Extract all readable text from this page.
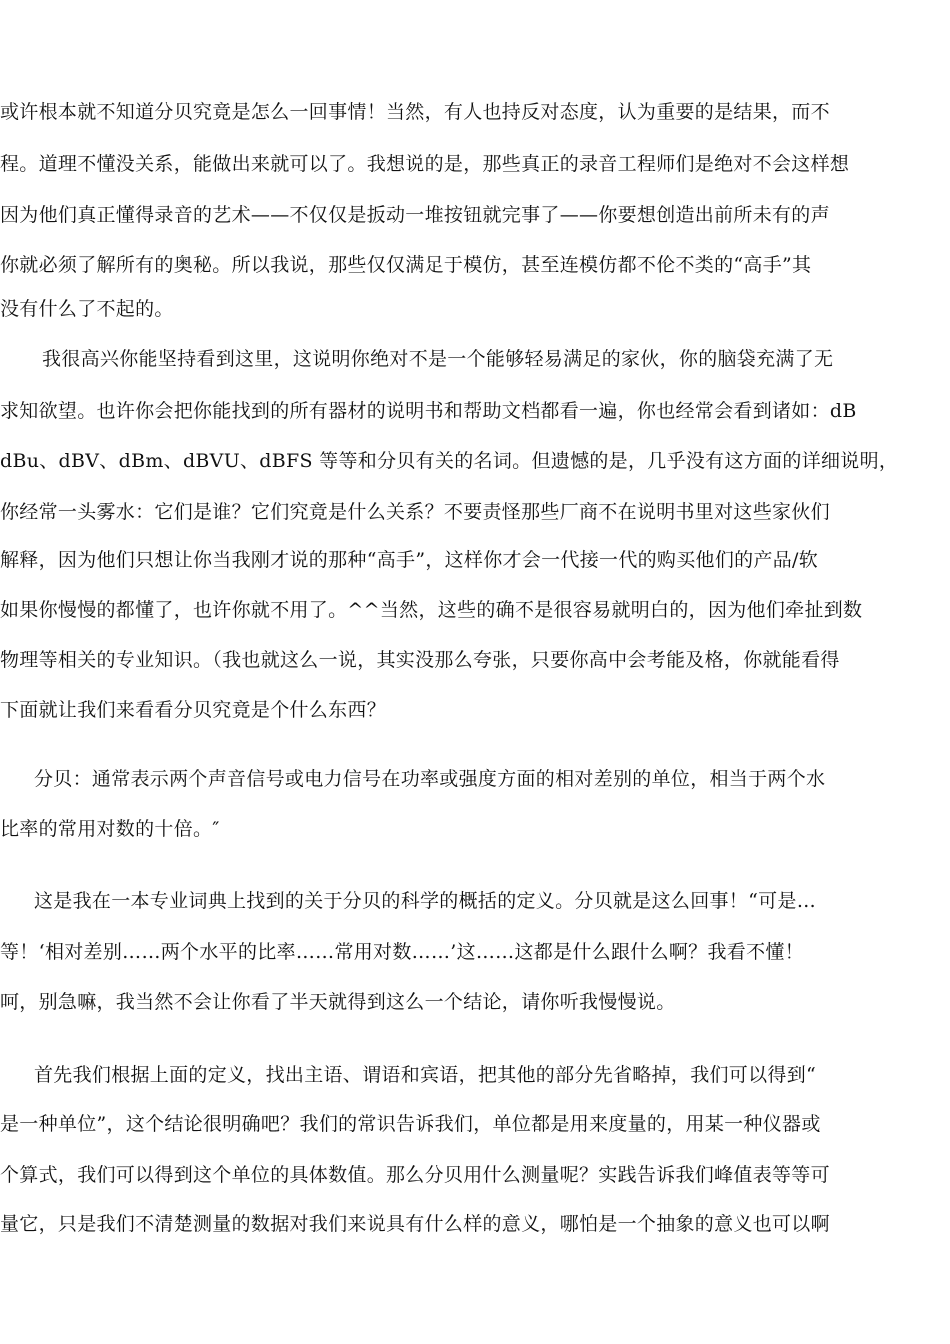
或许根本就不知道分贝究竟是怎么一回事情！当然，有人也持反对态度，认为重要的是结果，而不
程。道理不懂没关系，能做出来就可以了。我想说的是，那些真正的录音工程师们是绝对不会这样想
因为他们真正懂得录音的艺术——不仅仅是扳动一堆按钮就完事了——你要想创造出前所未有的声
你就必须了解所有的奥秘。所以我说，那些仅仅满足于模仿，甚至连模仿都不伦不类的“高手”其
没有什么了不起的。
我很高兴你能坚持看到这里，这说明你绝对不是一个能够轻易满足的家伙，你的脑袋充满了无
求知欲望。也许你会把你能找到的所有器材的说明书和帮助文档都看一遍，你也经常会看到诸如：dB
dBu、dBV、dBm、dBVU、dBFS 等等和分贝有关的名词。但遗憾的是，几乎没有这方面的详细说明，
你经常一头雾水：它们是谁？它们究竟是什么关系？不要责怪那些厂商不在说明书里对这些家伙们
解释，因为他们只想让你当我刚才说的那种“高手”，这样你才会一代接一代的购买他们的产品/软
如果你慢慢的都懂了，也许你就不用了。^^当然，这些的确不是很容易就明白的，因为他们牵扯到数
物理等相关的专业知识。（我也就这么一说，其实没那么夸张，只要你高中会考能及格，你就能看得
下面就让我们来看看分贝究竟是个什么东西？
分贝：通常表示两个声音信号或电力信号在功率或强度方面的相对差别的单位，相当于两个水
比率的常用对数的十倍。″
这是我在一本专业词典上找到的关于分贝的科学的概括的定义。分贝就是这么回事！“可是…
等！‘相对差别……两个水平的比率……常用对数……’这……这都是什么跟什么啊？我看不懂！
呵，别急嘛，我当然不会让你看了半天就得到这么一个结论，请你听我慢慢说。
首先我们根据上面的定义，找出主语、谓语和宾语，把其他的部分先省略掉，我们可以得到“
是一种单位”，这个结论很明确吧？我们的常识告诉我们，单位都是用来度量的，用某一种仪器或
个算式，我们可以得到这个单位的具体数值。那么分贝用什么测量呢？实践告诉我们峰值表等等可
量它，只是我们不清楚测量的数据对我们来说具有什么样的意义，哪怕是一个抽象的意义也可以啊
